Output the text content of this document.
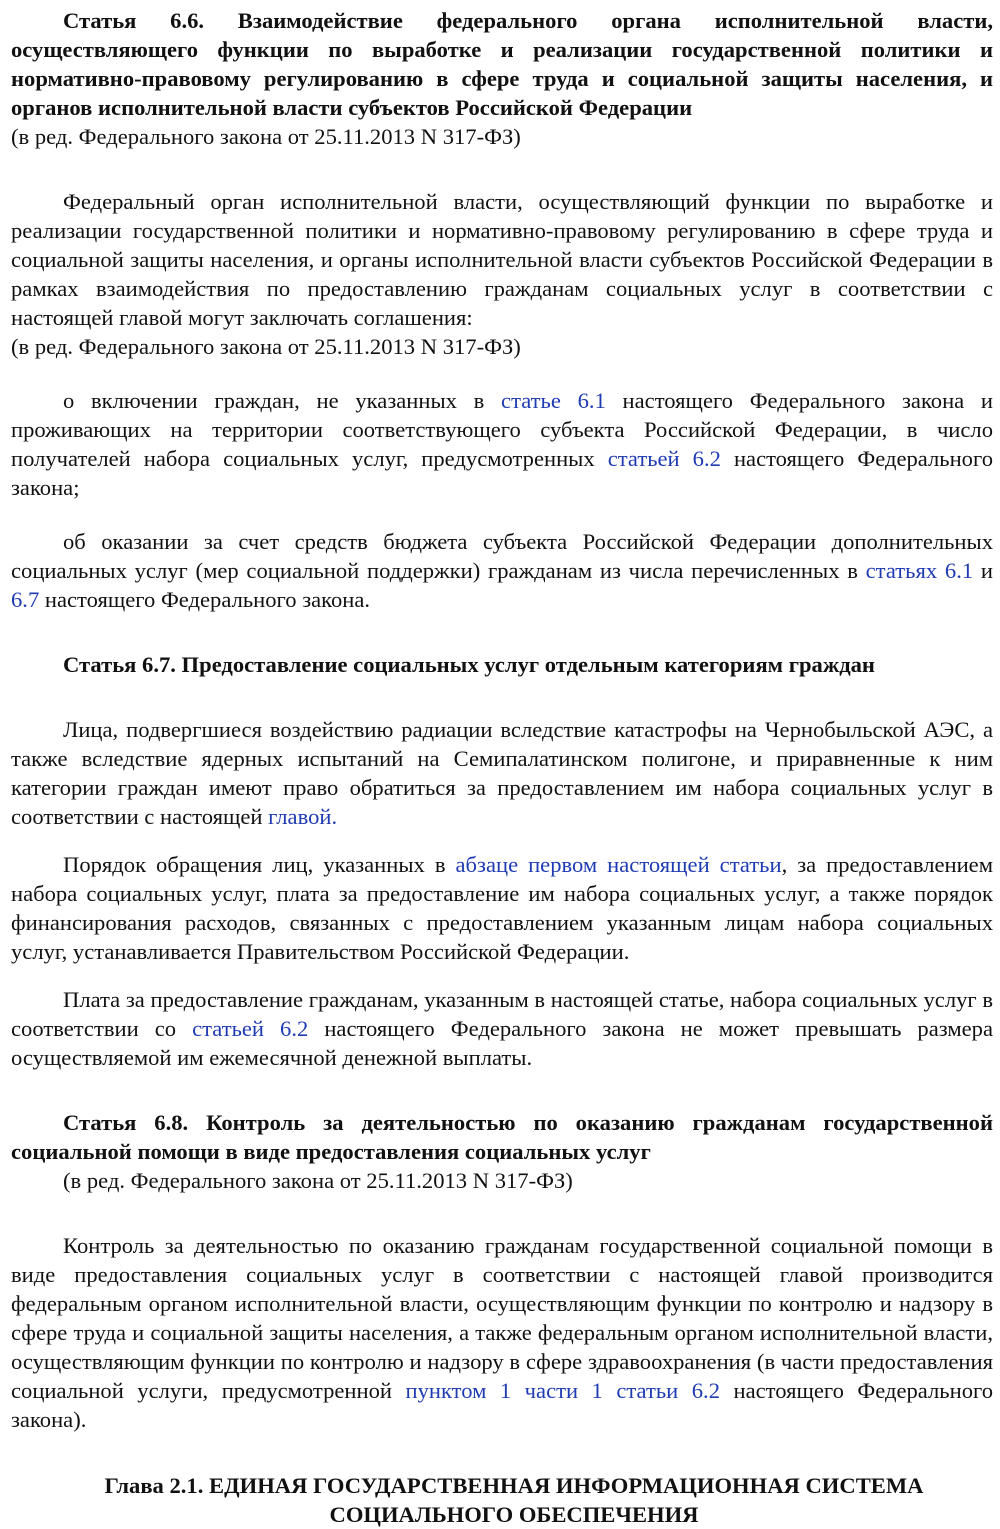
Статья 6.6. Взаимодействие федерального органа исполнительной власти, осуществляющего функции по выработке и реализации государственной политики и нормативно-правовому регулированию в сфере труда и социальной защиты населения, и органов исполнительной власти субъектов Российской Федерации

(в ред. Федерального закона от 25.11.2013 N 317-ФЗ)

Федеральный орган исполнительной власти, осуществляющий функции по выработке и реализации государственной политики и нормативно-правовому регулированию в сфере труда и социальной защиты населения, и органы исполнительной власти субъектов Российской Федерации в рамках взаимодействия по предоставлению гражданам социальных услуг в соответствии с настоящей главой могут заключать соглашения:

(в ред. Федерального закона от 25.11.2013 N 317-ФЗ)

о включении граждан, не указанных в статье 6.1 настоящего Федерального закона и проживающих на территории соответствующего субъекта Российской Федерации, в число получателей набора социальных услуг, предусмотренных статьей 6.2 настоящего Федерального закона;

об оказании за счет средств бюджета субъекта Российской Федерации дополнительных социальных услуг (мер социальной поддержки) гражданам из числа перечисленных в статьях 6.1 и 6.7 настоящего Федерального закона.

Статья 6.7. Предоставление социальных услуг отдельным категориям граждан

Лица, подвергшиеся воздействию радиации вследствие катастрофы на Чернобыльской АЭС, а также вследствие ядерных испытаний на Семипалатинском полигоне, и приравненные к ним категории граждан имеют право обратиться за предоставлением им набора социальных услуг в соответствии с настоящей главой.

Порядок обращения лиц, указанных в абзаце первом настоящей статьи, за предоставлением набора социальных услуг, плата за предоставление им набора социальных услуг, а также порядок финансирования расходов, связанных с предоставлением указанным лицам набора социальных услуг, устанавливается Правительством Российской Федерации.

Плата за предоставление гражданам, указанным в настоящей статье, набора социальных услуг в соответствии со статьей 6.2 настоящего Федерального закона не может превышать размера осуществляемой им ежемесячной денежной выплаты.

Статья 6.8. Контроль за деятельностью по оказанию гражданам государственной социальной помощи в виде предоставления социальных услуг

(в ред. Федерального закона от 25.11.2013 N 317-ФЗ)

Контроль за деятельностью по оказанию гражданам государственной социальной помощи в виде предоставления социальных услуг в соответствии с настоящей главой производится федеральным органом исполнительной власти, осуществляющим функции по контролю и надзору в сфере труда и социальной защиты населения, а также федеральным органом исполнительной власти, осуществляющим функции по контролю и надзору в сфере здравоохранения (в части предоставления социальной услуги, предусмотренной пунктом 1 части 1 статьи 6.2 настоящего Федерального закона).

Глава 2.1. ЕДИНАЯ ГОСУДАРСТВЕННАЯ ИНФОРМАЦИОННАЯ СИСТЕМА

СОЦИАЛЬНОГО ОБЕСПЕЧЕНИЯ
